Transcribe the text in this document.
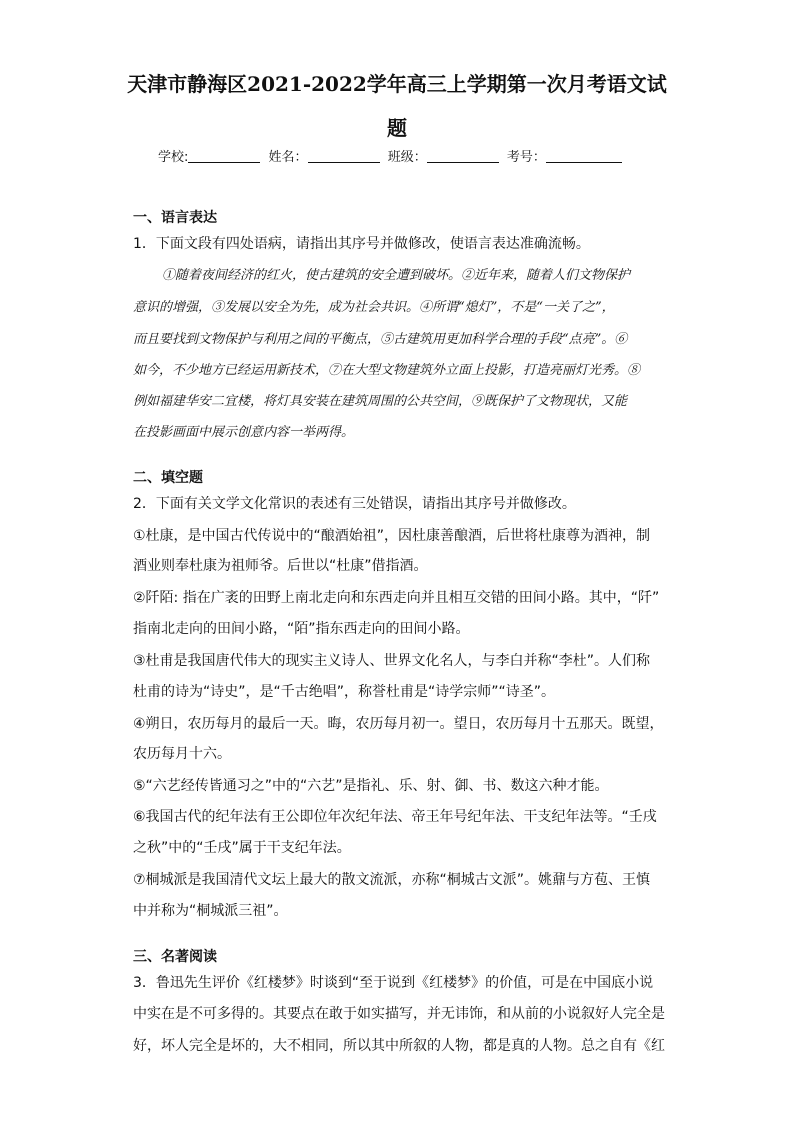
天津市静海区2021-2022学年高三上学期第一次月考语文试
题
学校:	姓名：	班级：	考号：
一、语言表达
1．下面文段有四处语病，请指出其序号并做修改，使语言表达准确流畅。
①随着夜间经济的红火，使古建筑的安全遭到破坏。②近年来，随着人们文物保护
意识的增强，③发展以安全为先，成为社会共识。④所谓“熄灯”，不是“一关了之”，
而且要找到文物保护与利用之间的平衡点，⑤古建筑用更加科学合理的手段“点亮”。⑥
如今，不少地方已经运用新技术，⑦在大型文物建筑外立面上投影，打造亮丽灯光秀。⑧
例如福建华安二宜楼，将灯具安装在建筑周围的公共空间，⑨既保护了文物现状，又能
在投影画面中展示创意内容一举两得。
二、填空题
2．下面有关文学文化常识的表述有三处错误，请指出其序号并做修改。
①杜康，是中国古代传说中的“酿酒始祖”，因杜康善酿酒，后世将杜康尊为酒神，制
酒业则奉杜康为祖师爷。后世以“杜康”借指酒。
②阡陌: 指在广袤的田野上南北走向和东西走向并且相互交错的田间小路。其中，“阡”
指南北走向的田间小路，“陌”指东西走向的田间小路。
③杜甫是我国唐代伟大的现实主义诗人、世界文化名人，与李白并称“李杜”。人们称
杜甫的诗为“诗史”，是“千古绝唱”，称誉杜甫是“诗学宗师”“诗圣”。
④朔日，农历每月的最后一天。晦，农历每月初一。望日，农历每月十五那天。既望，
农历每月十六。
⑤“六艺经传皆通习之”中的“六艺”是指礼、乐、射、御、书、数这六种才能。
⑥我国古代的纪年法有王公即位年次纪年法、帝王年号纪年法、干支纪年法等。“壬戌
之秋”中的“壬戌”属于干支纪年法。
⑦桐城派是我国清代文坛上最大的散文流派，亦称“桐城古文派”。姚鼐与方苞、王慎
中并称为“桐城派三祖”。
三、名著阅读
3．鲁迅先生评价《红楼梦》时谈到“至于说到《红楼梦》的价值，可是在中国底小说
中实在是不可多得的。其要点在敢于如实描写，并无讳饰，和从前的小说叙好人完全是
好，坏人完全是坏的，大不相同，所以其中所叙的人物，都是真的人物。总之自有《红
